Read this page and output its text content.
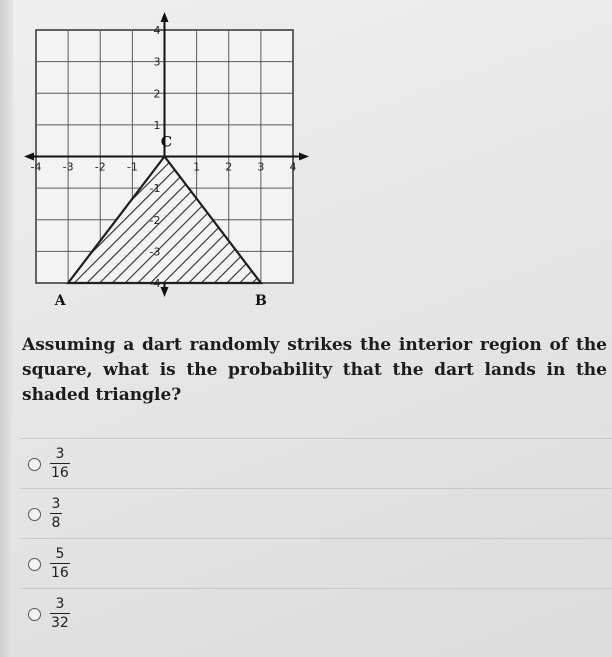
-4 -3 -2 -1	1 2 3 4
4
3
2
1
-1
-2
-3
-4
C
A	B

Assuming a dart randomly strikes the interior region of the square, what is the probability that the dart lands in the shaded triangle?

3
16
3
8
5
16
3
32
